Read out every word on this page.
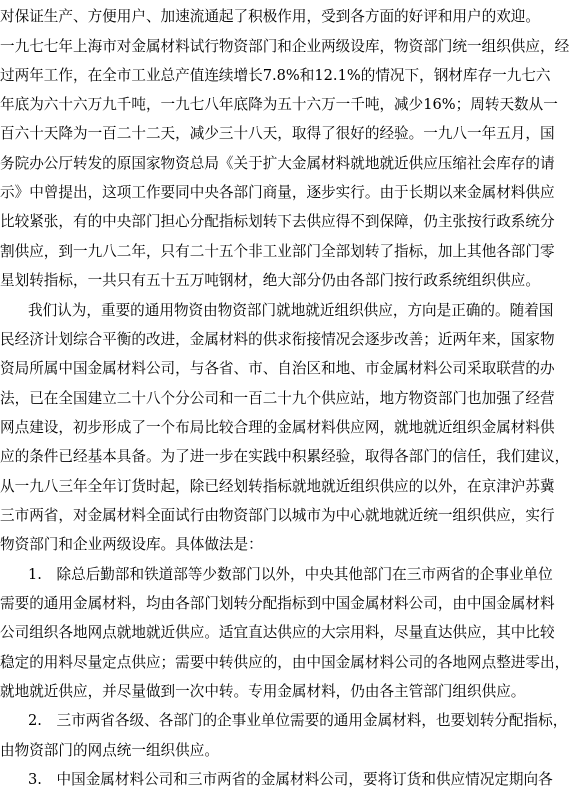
对保证生产、方便用户、加速流通起了积极作用，受到各方面的好评和用户的欢迎。
一九七七年上海市对金属材料试行物资部门和企业两级设库，物资部门统一组织供应，经
过两年工作，在全市工业总产值连续增长7.8%和12.1%的情况下，钢材库存一九七六
年底为六十六万九千吨，一九七八年底降为五十六万一千吨，减少16%；周转天数从一
百六十天降为一百二十二天，减少三十八天，取得了很好的经验。一九八一年五月，国
务院办公厅转发的原国家物资总局《关于扩大金属材料就地就近供应压缩社会库存的请
示》中曾提出，这项工作要同中央各部门商量，逐步实行。由于长期以来金属材料供应
比较紧张，有的中央部门担心分配指标划转下去供应得不到保障，仍主张按行政系统分
割供应，到一九八二年，只有二十五个非工业部门全部划转了指标，加上其他各部门零
星划转指标，一共只有五十五万吨钢材，绝大部分仍由各部门按行政系统组织供应。
我们认为，重要的通用物资由物资部门就地就近组织供应，方向是正确的。随着国
民经济计划综合平衡的改进，金属材料的供求衔接情况会逐步改善；近两年来，国家物
资局所属中国金属材料公司，与各省、市、自治区和地、市金属材料公司采取联营的办
法，已在全国建立二十八个分公司和一百二十九个供应站，地方物资部门也加强了经营
网点建设，初步形成了一个布局比较合理的金属材料供应网，就地就近组织金属材料供
应的条件已经基本具备。为了进一步在实践中积累经验，取得各部门的信任，我们建议，
从一九八三年全年订货时起，除已经划转指标就地就近组织供应的以外，在京津沪苏冀
三市两省，对金属材料全面试行由物资部门以城市为中心就地就近统一组织供应，实行
物资部门和企业两级设库。具体做法是：
1.　除总后勤部和铁道部等少数部门以外，中央其他部门在三市两省的企事业单位
需要的通用金属材料，均由各部门划转分配指标到中国金属材料公司，由中国金属材料
公司组织各地网点就地就近供应。适宜直达供应的大宗用料，尽量直达供应，其中比较
稳定的用料尽量定点供应；需要中转供应的，由中国金属材料公司的各地网点整进零出，
就地就近供应，并尽量做到一次中转。专用金属材料，仍由各主管部门组织供应。
2.　三市两省各级、各部门的企事业单位需要的通用金属材料，也要划转分配指标，
由物资部门的网点统一组织供应。
3.　中国金属材料公司和三市两省的金属材料公司，要将订货和供应情况定期向各
